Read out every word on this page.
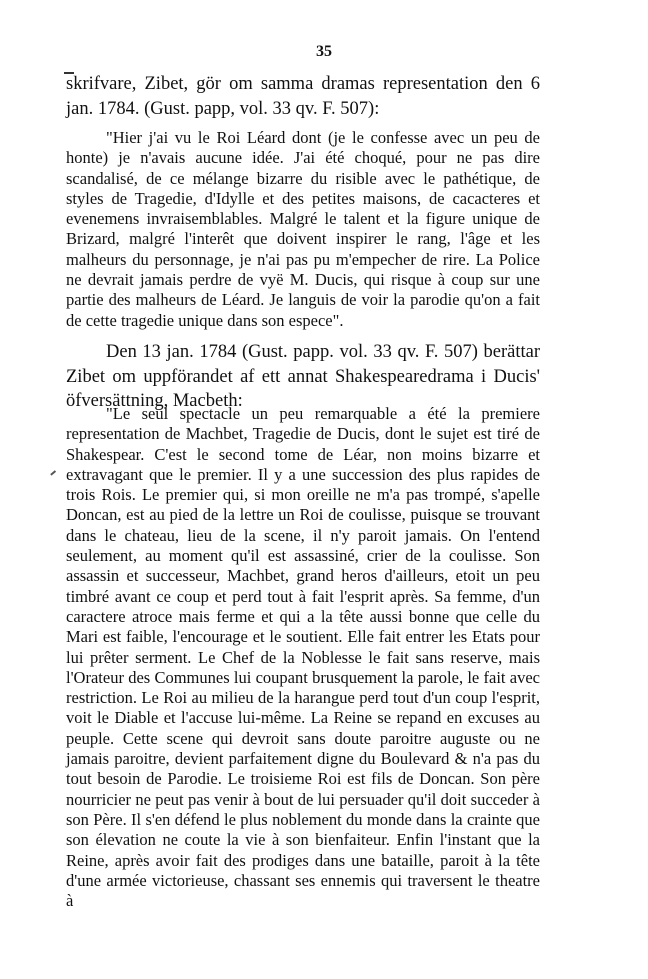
35

skrifvare, Zibet, gör om samma dramas representation den 6 jan. 1784. (Gust. papp, vol. 33 qv. F. 507):

"Hier j'ai vu le Roi Léard dont (je le confesse avec un peu de honte) je n'avais aucune idée. J'ai été choqué, pour ne pas dire scandalisé, de ce mélange bizarre du risible avec le pathétique, de styles de Tragedie, d'Idylle et des petites maisons, de cacacteres et evenemens invraisemblables. Malgré le talent et la figure unique de Brizard, malgré l'interêt que doivent inspirer le rang, l'âge et les malheurs du personnage, je n'ai pas pu m'empecher de rire. La Police ne devrait jamais perdre de vyë M. Ducis, qui risque à coup sur une partie des malheurs de Léard. Je languis de voir la parodie qu'on a fait de cette tragedie unique dans son espece".

Den 13 jan. 1784 (Gust. papp. vol. 33 qv. F. 507) berättar Zibet om uppförandet af ett annat Shakespearedrama i Ducis' öfversättning, Macbeth:

"Le seul spectacle un peu remarquable a été la premiere representation de Machbet, Tragedie de Ducis, dont le sujet est tiré de Shakespear. C'est le second tome de Léar, non moins bizarre et extravagant que le premier. Il y a une succession des plus rapides de trois Rois. Le premier qui, si mon oreille ne m'a pas trompé, s'apelle Doncan, est au pied de la lettre un Roi de coulisse, puisque se trouvant dans le chateau, lieu de la scene, il n'y paroit jamais. On l'entend seulement, au moment qu'il est assassiné, crier de la coulisse. Son assassin et successeur, Machbet, grand heros d'ailleurs, etoit un peu timbré avant ce coup et perd tout à fait l'esprit après. Sa femme, d'un caractere atroce mais ferme et qui a la tête aussi bonne que celle du Mari est faible, l'encourage et le soutient. Elle fait entrer les Etats pour lui prêter serment. Le Chef de la Noblesse le fait sans reserve, mais l'Orateur des Communes lui coupant brusquement la parole, le fait avec restriction. Le Roi au milieu de la harangue perd tout d'un coup l'esprit, voit le Diable et l'accuse lui-même. La Reine se repand en excuses au peuple. Cette scene qui devroit sans doute paroitre auguste ou ne jamais paroitre, devient parfaitement digne du Boulevard & n'a pas du tout besoin de Parodie. Le troisieme Roi est fils de Doncan. Son père nourricier ne peut pas venir à bout de lui persuader qu'il doit succeder à son Père. Il s'en défend le plus noblement du monde dans la crainte que son élevation ne coute la vie à son bienfaiteur. Enfin l'instant que la Reine, après avoir fait des prodiges dans une bataille, paroit à la tête d'une armée victorieuse, chassant ses ennemis qui traversent le theatre à
